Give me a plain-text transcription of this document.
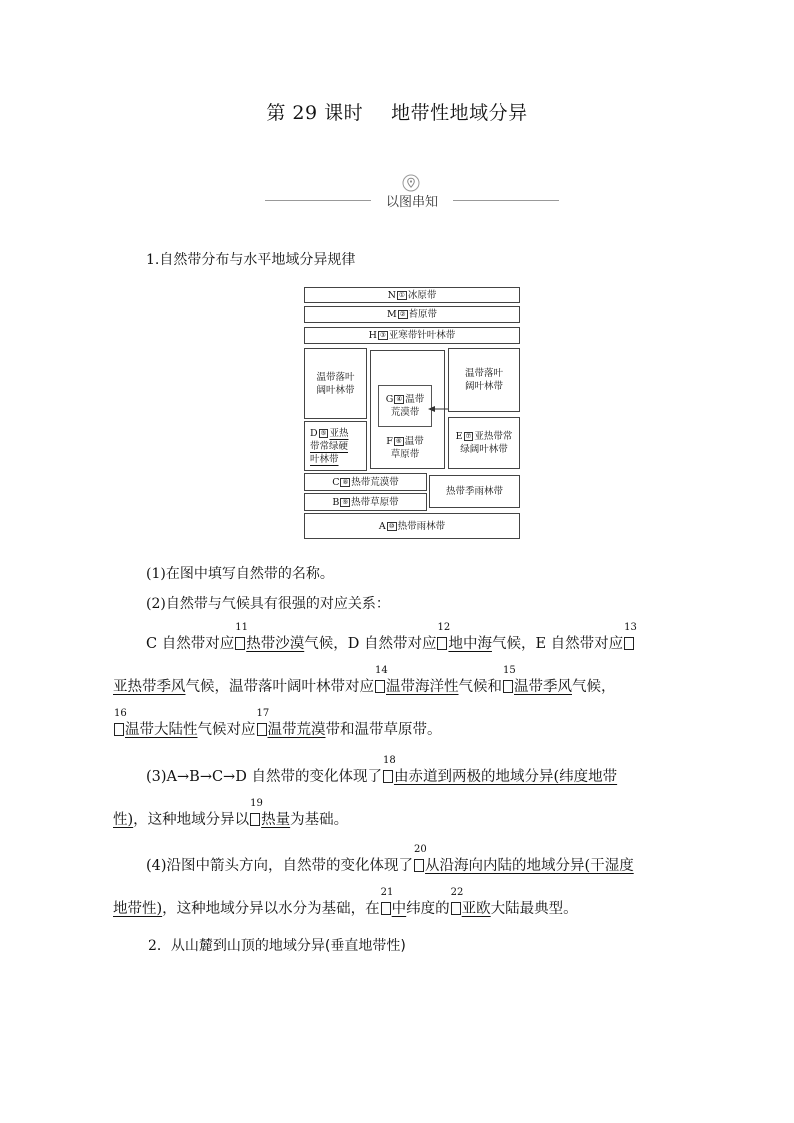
第 29 课时 地带性地域分异
以图串知
1.自然带分布与水平地域分异规律
N ① 冰原带
M ② 苔原带
H ③ 亚寒带针叶林带
温带落叶
阔叶林带
D ⑤ 亚热
带常绿硬
叶林带
G ④ 温带
荒漠带
F ⑥ 温带
草原带
温带落叶
阔叶林带
E ⑦ 亚热带常
绿阔叶林带
C ⑧ 热带荒漠带
B ⑨ 热带草原带
热带季雨林带
A ⑩ 热带雨林带
(1)在图中填写自然带的名称。
(2)自然带与气候具有很强的对应关系：
C 自然带对应
11
热带沙漠气候，D 自然带对应
12
地中海气候，E 自然带对应
13
亚热带季风气候，温带落叶阔叶林带对应
14
温带海洋性气候和
15
温带季风气候，
16
温带大陆性气候对应
17
温带荒漠带和温带草原带。
(3)A→B→C→D 自然带的变化体现了
18
由赤道到两极的地域分异(纬度地带
性)，这种地域分异以
19
热量为基础。
(4)沿图中箭头方向，自然带的变化体现了
20
从沿海向内陆的地域分异(干湿度
地带性)，这种地域分异以水分为基础，在
21
中纬度的
22
亚欧大陆最典型。
2．从山麓到山顶的地域分异(垂直地带性)
